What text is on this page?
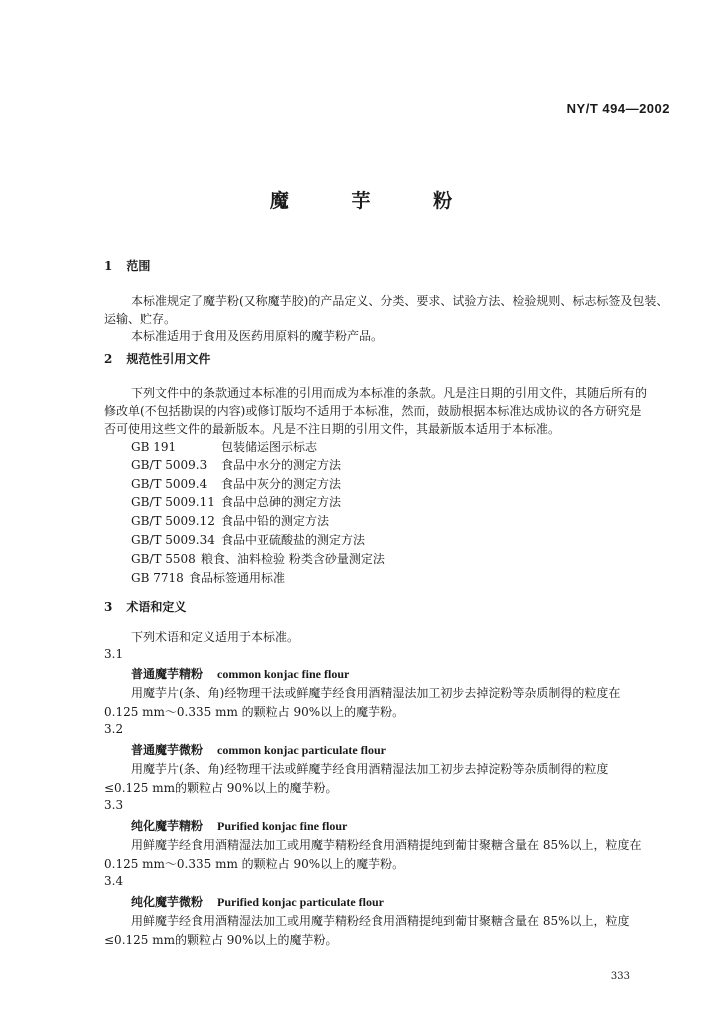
NY/T 494—2002
魔 芋 粉
1 范围
本标准规定了魔芋粉(又称魔芋胶)的产品定义、分类、要求、试验方法、检验规则、标志标签及包装、
运输、贮存。
本标准适用于食用及医药用原料的魔芋粉产品。
2 规范性引用文件
下列文件中的条款通过本标准的引用而成为本标准的条款。凡是注日期的引用文件，其随后所有的
修改单(不包括勘误的内容)或修订版均不适用于本标准，然而，鼓励根据本标准达成协议的各方研究是
否可使用这些文件的最新版本。凡是不注日期的引用文件，其最新版本适用于本标准。
GB 191	包装储运图示标志
GB/T 5009.3 食品中水分的测定方法
GB/T 5009.4 食品中灰分的测定方法
GB/T 5009.11 食品中总砷的测定方法
GB/T 5009.12 食品中铅的测定方法
GB/T 5009.34 食品中亚硫酸盐的测定方法
GB/T 5508 粮食、油料检验 粉类含砂量测定法
GB 7718 食品标签通用标准
3 术语和定义
下列术语和定义适用于本标准。
3.1
普通魔芋精粉 common konjac fine flour
用魔芋片(条、角)经物理干法或鲜魔芋经食用酒精湿法加工初步去掉淀粉等杂质制得的粒度在
0.125 mm～0.335 mm 的颗粒占 90%以上的魔芋粉。
3.2
普通魔芋微粉 common konjac particulate flour
用魔芋片(条、角)经物理干法或鲜魔芋经食用酒精湿法加工初步去掉淀粉等杂质制得的粒度
≤0.125 mm的颗粒占 90%以上的魔芋粉。
3.3
纯化魔芋精粉 Purified konjac fine flour
用鲜魔芋经食用酒精湿法加工或用魔芋精粉经食用酒精提纯到葡甘聚糖含量在 85%以上，粒度在
0.125 mm～0.335 mm 的颗粒占 90%以上的魔芋粉。
3.4
纯化魔芋微粉 Purified konjac particulate flour
用鲜魔芋经食用酒精湿法加工或用魔芋精粉经食用酒精提纯到葡甘聚糖含量在 85%以上，粒度
≤0.125 mm的颗粒占 90%以上的魔芋粉。
333
